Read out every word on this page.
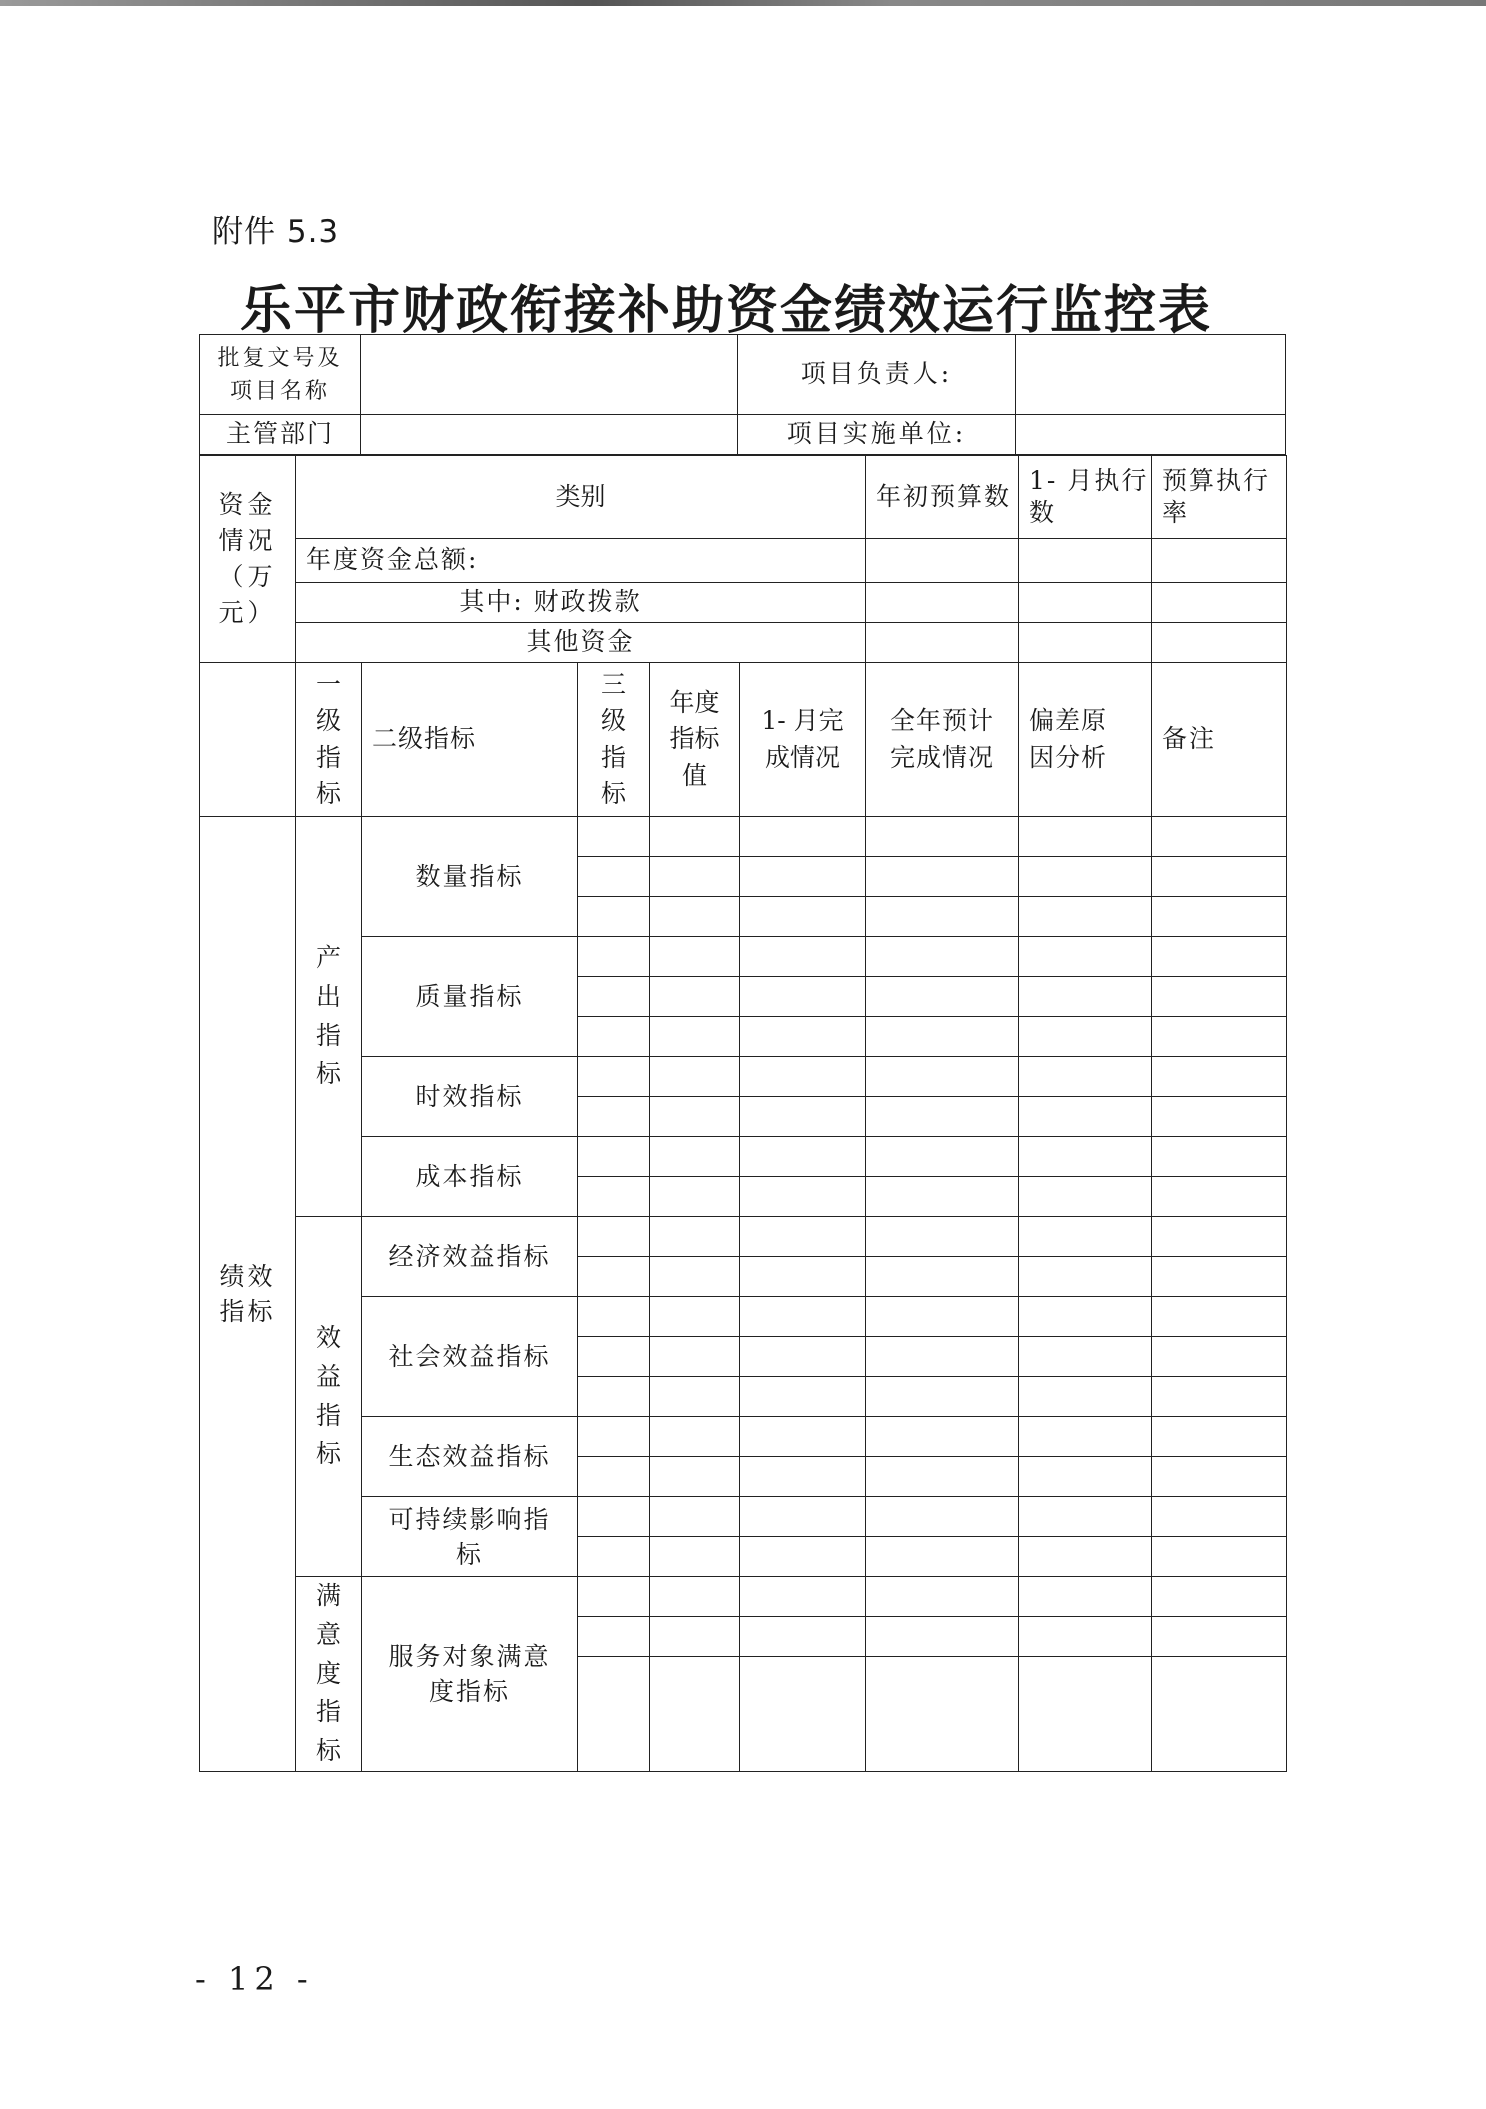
附件 5.3
乐平市财政衔接补助资金绩效运行监控表
批复文号及项目名称		项目负责人:	
主管部门		项目实施单位:	
资金情况（万元）	类别					年初预算数	1- 月执行数	预算执行率
	年度资金总额:							
	其中: 财政拨款							
	其他资金							
	一级指标	二级指标	三级指标	年度指标值	1- 月完成情况	全年预计完成情况	偏差原因分析	备注
绩效指标	产出指标	数量指标						

		质量指标						

		时效指标						

		成本指标						

	效益指标	经济效益指标						

		社会效益指标						

		生态效益指标						

		可持续影响指标						

	满意度指标	服务对象满意度指标						

- 12 -
